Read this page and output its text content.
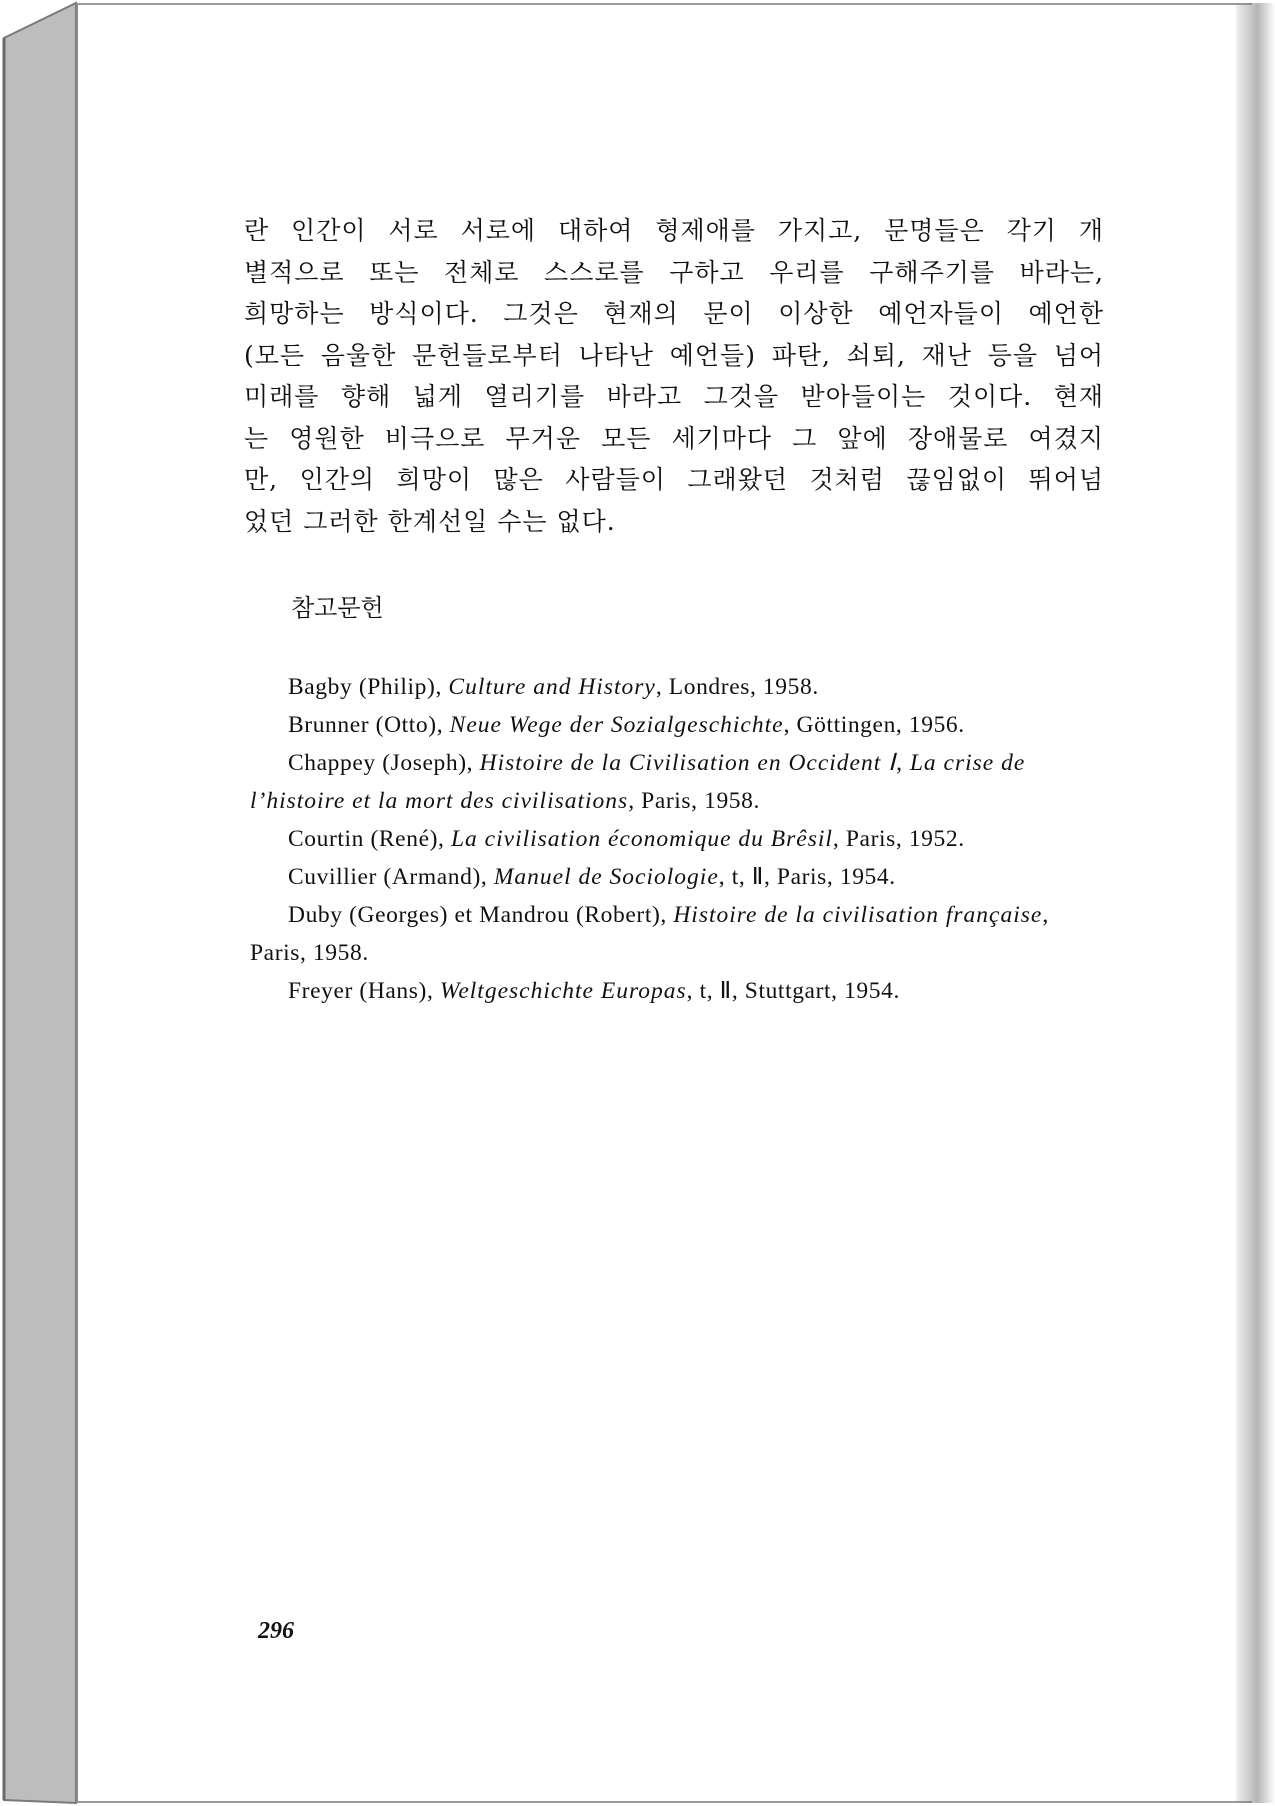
란 인간이 서로 서로에 대하여 형제애를 가지고, 문명들은 각기 개
별적으로 또는 전체로 스스로를 구하고 우리를 구해주기를 바라는,
희망하는 방식이다. 그것은 현재의 문이 이상한 예언자들이 예언한
(모든 음울한 문헌들로부터 나타난 예언들) 파탄, 쇠퇴, 재난 등을 넘어
미래를 향해 넓게 열리기를 바라고 그것을 받아들이는 것이다. 현재
는 영원한 비극으로 무거운 모든 세기마다 그 앞에 장애물로 여겼지
만, 인간의 희망이 많은 사람들이 그래왔던 것처럼 끊임없이 뛰어넘
었던 그러한 한계선일 수는 없다.
참고문헌
Bagby (Philip), Culture and History, Londres, 1958.
Brunner (Otto), Neue Wege der Sozialgeschichte, Göttingen, 1956.
Chappey (Joseph), Histoire de la Civilisation en Occident Ⅰ, La crise de l’histoire et la mort des civilisations, Paris, 1958.
Courtin (René), La civilisation économique du Brêsil, Paris, 1952.
Cuvillier (Armand), Manuel de Sociologie, t, Ⅱ, Paris, 1954.
Duby (Georges) et Mandrou (Robert), Histoire de la civilisation française, Paris, 1958.
Freyer (Hans), Weltgeschichte Europas, t, Ⅱ, Stuttgart, 1954.
296
